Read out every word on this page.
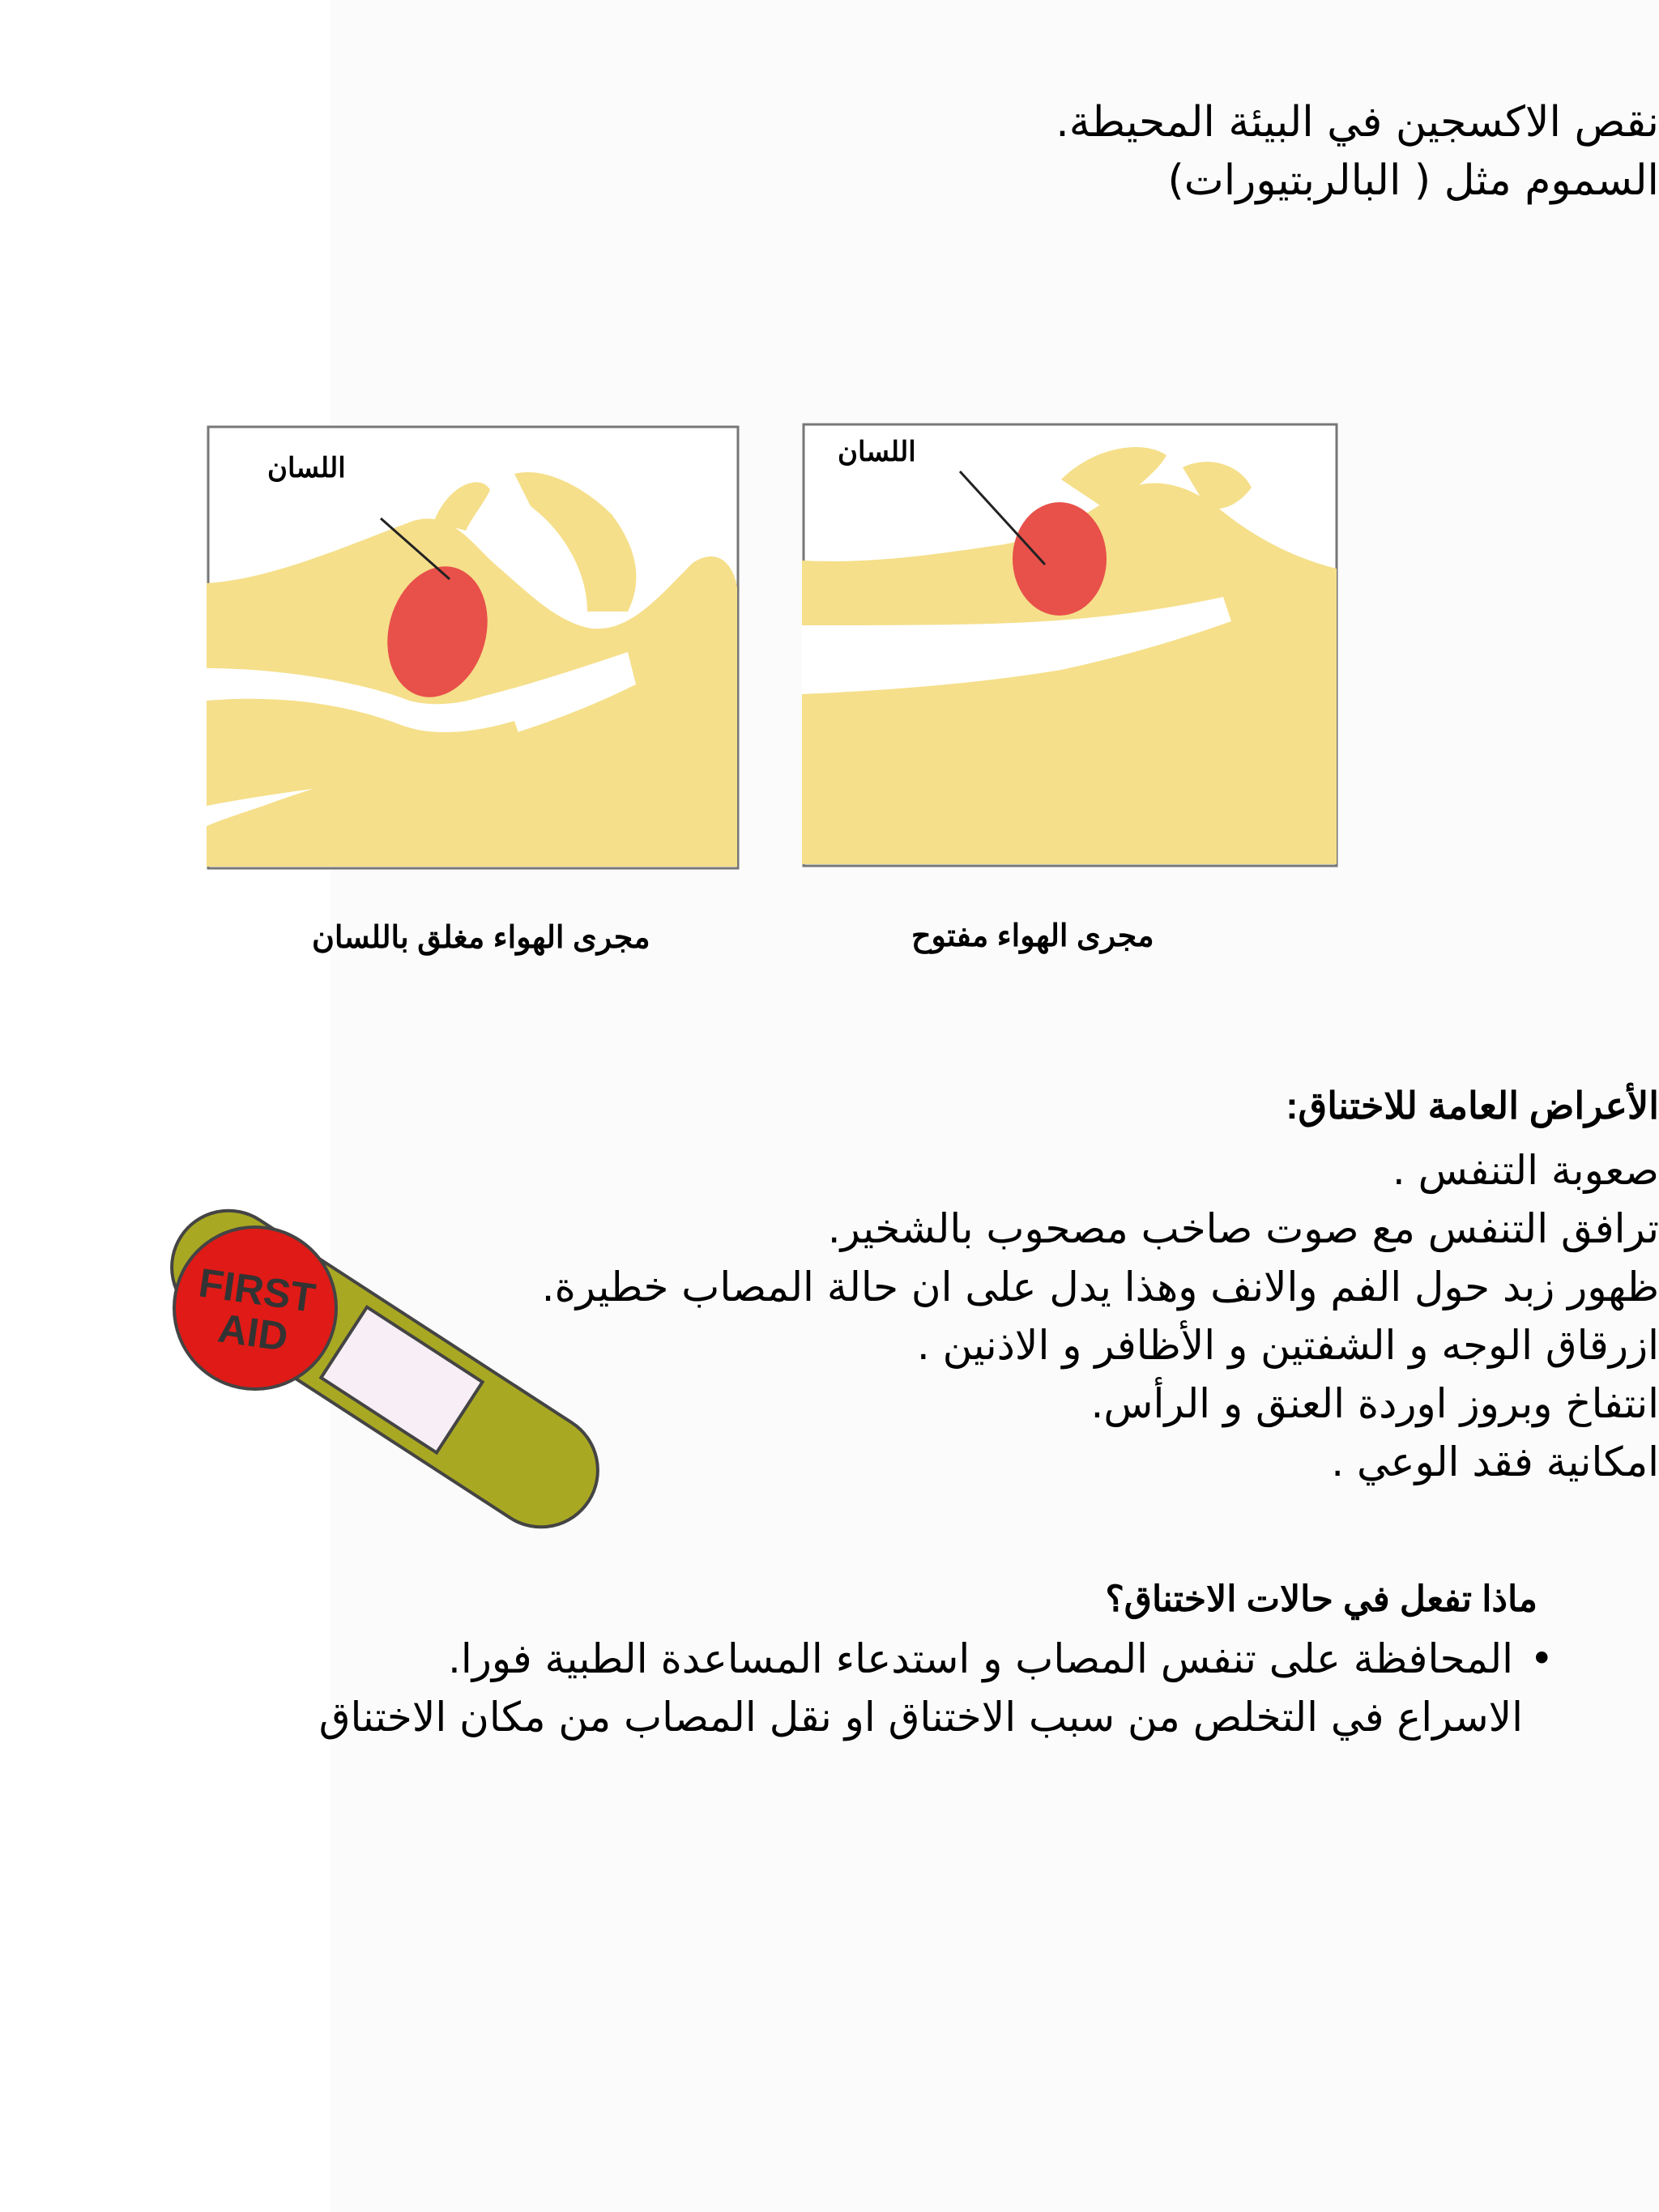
نقص الاكسجين في البيئة المحيطة.
السموم مثل ( البالربتيورات)
اللسان
مجرى الهواء مغلق باللسان
اللسان
مجرى الهواء مفتوح
الأعراض العامة للاختناق:
صعوبة التنفس .
ترافق التنفس مع صوت صاخب مصحوب بالشخير.
ظهور زبد حول الفم والانف وهذا يدل على ان حالة المصاب خطيرة.
ازرقاق الوجه و الشفتين و الأظافر و الاذنين .
انتفاخ وبروز اوردة العنق و الرأس.
امكانية فقد الوعي .
FIRST
AID
ماذا تفعل في حالات الاختناق؟
المحافظة على تنفس المصاب و استدعاء المساعدة الطبية فورا. •
الاسراع في التخلص من سبب الاختناق او نقل المصاب من مكان الاختناق
